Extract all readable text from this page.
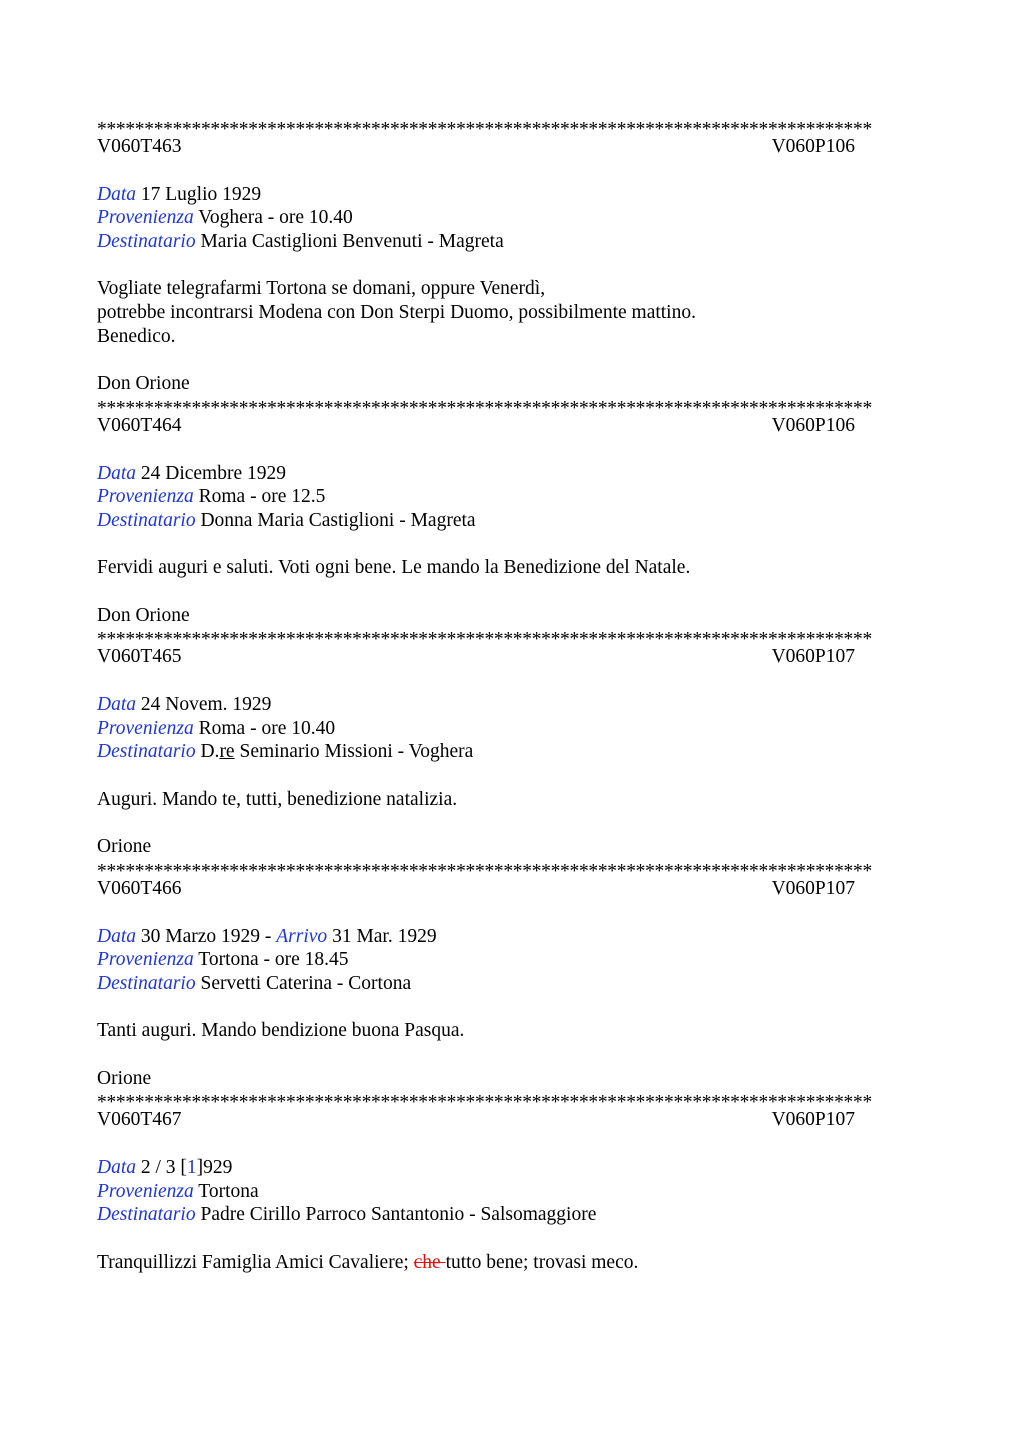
**********************************************************************************
V060T463	V060P106
Data 17 Luglio 1929
Provenienza Voghera - ore 10.40
Destinatario Maria Castiglioni Benvenuti - Magreta
Vogliate telegrafarmi Tortona se domani, oppure Venerdì,
potrebbe incontrarsi Modena con Don Sterpi Duomo, possibilmente mattino.
Benedico.
Don Orione
**********************************************************************************
V060T464	V060P106
Data 24 Dicembre 1929
Provenienza Roma - ore 12.5
Destinatario Donna Maria Castiglioni - Magreta
Fervidi auguri e saluti. Voti ogni bene. Le mando la Benedizione del Natale.
Don Orione
**********************************************************************************
V060T465	V060P107
Data 24 Novem. 1929
Provenienza Roma - ore 10.40
Destinatario D.re Seminario Missioni - Voghera
Auguri. Mando te, tutti, benedizione natalizia.
Orione
**********************************************************************************
V060T466	V060P107
Data 30 Marzo 1929 - Arrivo 31 Mar. 1929
Provenienza Tortona - ore 18.45
Destinatario Servetti Caterina - Cortona
Tanti auguri. Mando bendizione buona Pasqua.
Orione
**********************************************************************************
V060T467	V060P107
Data 2 / 3 [1]929
Provenienza Tortona
Destinatario Padre Cirillo Parroco Santantonio - Salsomaggiore
Tranquillizzi Famiglia Amici Cavaliere; che tutto bene; trovasi meco.
